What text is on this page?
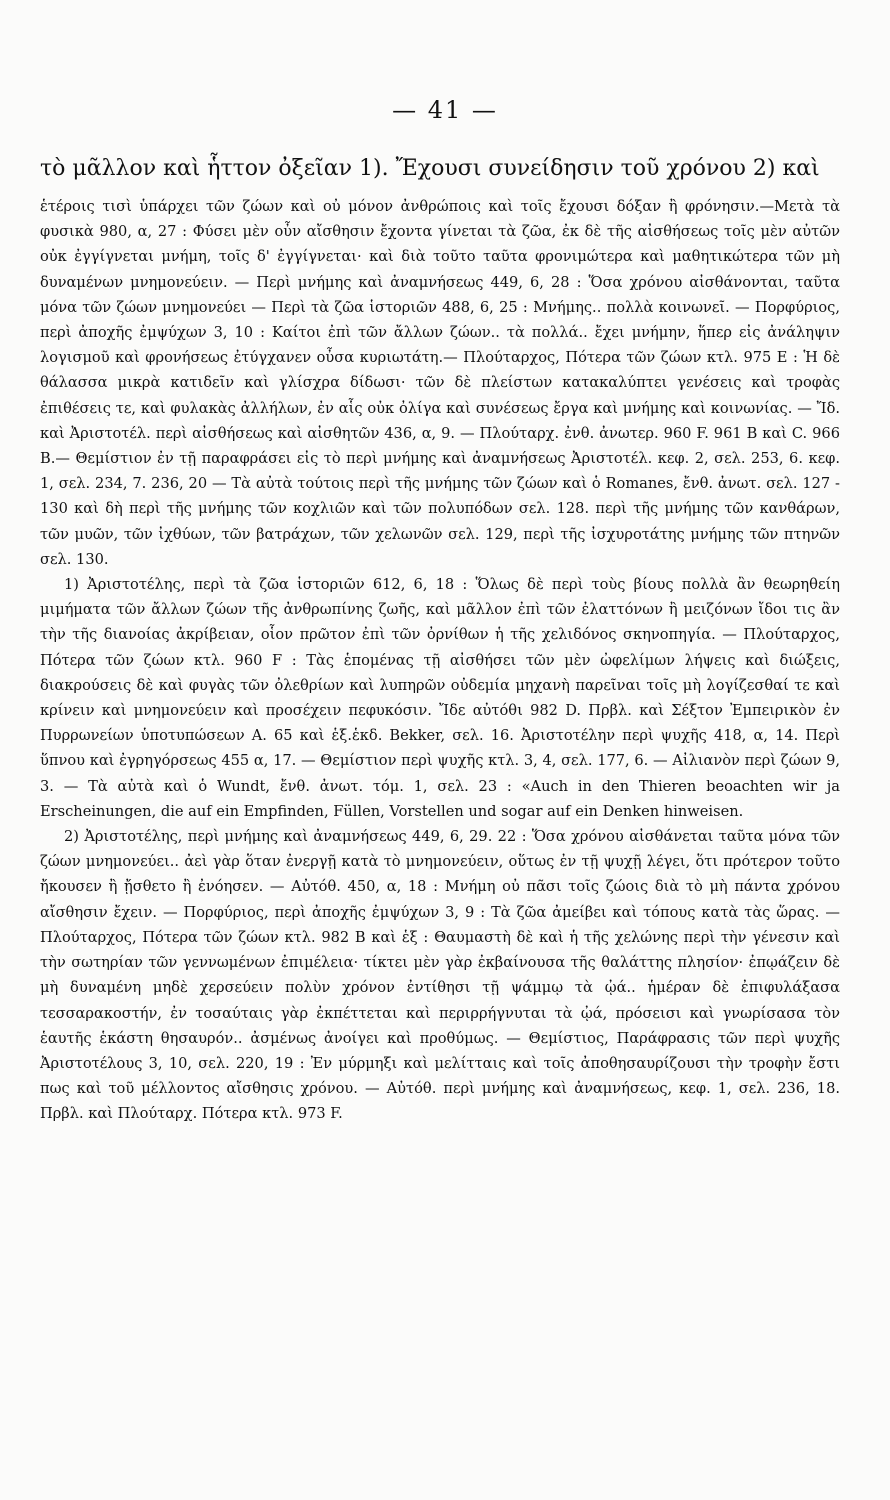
— 41 —

τὸ μᾶλλον καὶ ἧττον ὀξεῖαν 1). Ἔχουσι συνείδησιν τοῦ χρόνου 2) καὶ

ἑτέροις τισὶ ὑπάρχει τῶν ζώων καὶ οὐ μόνον ἀνθρώποις καὶ τοῖς ἔχουσι δόξαν ἢ φρόνησιν.—Μετὰ τὰ φυσικὰ 980, α, 27 : Φύσει μὲν οὖν αἴσθησιν ἔχοντα γίνεται τὰ ζῶα, ἐκ δὲ τῆς αἰσθήσεως τοῖς μὲν αὐτῶν οὐκ ἐγγίγνεται μνήμη, τοῖς δ' ἐγγίγνεται· καὶ διὰ τοῦτο ταῦτα φρονιμώτερα καὶ μαθητικώτερα τῶν μὴ δυναμένων μνημονεύειν. — Περὶ μνήμης καὶ ἀναμνήσεως 449, 6, 28 : Ὅσα χρόνου αἰσθάνονται, ταῦτα μόνα τῶν ζώων μνημονεύει — Περὶ τὰ ζῶα ἱστοριῶν 488, 6, 25 : Μνήμης.. πολλὰ κοινωνεῖ. — Πορφύριος, περὶ ἀποχῆς ἐμψύχων 3, 10 : Καίτοι ἐπὶ τῶν ἄλλων ζώων.. τὰ πολλά.. ἔχει μνήμην, ἥπερ εἰς ἀνάληψιν λογισμοῦ καὶ φρονήσεως ἐτύγχανεν οὖσα κυριωτάτη.— Πλούταρχος, Πότερα τῶν ζώων κτλ. 975 Ε : Ἡ δὲ θάλασσα μικρὰ κατιδεῖν καὶ γλίσχρα δίδωσι· τῶν δὲ πλείστων κατακαλύπτει γενέσεις καὶ τροφὰς ἐπιθέσεις τε, καὶ φυλακὰς ἀλλήλων, ἐν αἷς οὐκ ὀλίγα καὶ συνέσεως ἔργα καὶ μνήμης καὶ κοινωνίας. — Ἴδ. καὶ Ἀριστοτέλ. περὶ αἰσθήσεως καὶ αἰσθητῶν 436, α, 9. — Πλούταρχ. ἐνθ. ἀνωτερ. 960 F. 961 B καὶ C. 966 B.— Θεμίστιον ἐν τῇ παραφράσει εἰς τὸ περὶ μνήμης καὶ ἀναμνήσεως Ἀριστοτέλ. κεφ. 2, σελ. 253, 6. κεφ. 1, σελ. 234, 7. 236, 20 — Τὰ αὐτὰ τούτοις περὶ τῆς μνήμης τῶν ζώων καὶ ὁ Romanes, ἔνθ. ἀνωτ. σελ. 127 - 130 καὶ δὴ περὶ τῆς μνήμης τῶν κοχλιῶν καὶ τῶν πολυπόδων σελ. 128. περὶ τῆς μνήμης τῶν κανθάρων, τῶν μυῶν, τῶν ἰχθύων, τῶν βατράχων, τῶν χελωνῶν σελ. 129, περὶ τῆς ἰσχυροτάτης μνήμης τῶν πτηνῶν σελ. 130.

1) Ἀριστοτέλης, περὶ τὰ ζῶα ἱστοριῶν 612, 6, 18 : Ὅλως δὲ περὶ τοὺς βίους πολλὰ ἂν θεωρηθείη μιμήματα τῶν ἄλλων ζώων τῆς ἀνθρωπίνης ζωῆς, καὶ μᾶλλον ἐπὶ τῶν ἐλαττόνων ἢ μειζόνων ἴδοι τις ἂν τὴν τῆς διανοίας ἀκρίβειαν, οἷον πρῶτον ἐπὶ τῶν ὀρνίθων ἡ τῆς χελιδόνος σκηνοπηγία. — Πλούταρχος, Πότερα τῶν ζώων κτλ. 960 F : Τὰς ἑπομένας τῇ αἰσθήσει τῶν μὲν ὠφελίμων λήψεις καὶ διώξεις, διακρούσεις δὲ καὶ φυγὰς τῶν ὀλεθρίων καὶ λυπηρῶν οὐδεμία μηχανὴ παρεῖναι τοῖς μὴ λογίζεσθαί τε καὶ κρίνειν καὶ μνημονεύειν καὶ προσέχειν πεφυκόσιν. Ἴδε αὐτόθι 982 D. Πρβλ. καὶ Σέξτον Ἐμπειρικὸν ἐν Πυρρωνείων ὑποτυπώσεων Α. 65 καὶ ἑξ.ἑκδ. Bekker, σελ. 16. Ἀριστοτέλην περὶ ψυχῆς 418, α, 14. Περὶ ὕπνου καὶ ἐγρηγόρσεως 455 α, 17. — Θεμίστιον περὶ ψυχῆς κτλ. 3, 4, σελ. 177, 6. — Αἰλιανὸν περὶ ζώων 9, 3. — Τὰ αὐτὰ καὶ ὁ Wundt, ἔνθ. ἀνωτ. τόμ. 1, σελ. 23 : «Auch in den Thieren beoachten wir ja Erscheinungen, die auf ein Empfinden, Füllen, Vorstellen und sogar auf ein Denken hinweisen.

2) Ἀριστοτέλης, περὶ μνήμης καὶ ἀναμνήσεως 449, 6, 29. 22 : Ὅσα χρόνου αἰσθάνεται ταῦτα μόνα τῶν ζώων μνημονεύει.. ἀεὶ γὰρ ὅταν ἐνεργῇ κατὰ τὸ μνημονεύειν, οὕτως ἐν τῇ ψυχῇ λέγει, ὅτι πρότερον τοῦτο ἤκουσεν ἢ ᾔσθετο ἢ ἐνόησεν. — Αὐτόθ. 450, α, 18 : Μνήμη οὐ πᾶσι τοῖς ζώοις διὰ τὸ μὴ πάντα χρόνου αἴσθησιν ἔχειν. — Πορφύριος, περὶ ἀποχῆς ἐμψύχων 3, 9 : Τὰ ζῶα ἀμείβει καὶ τόπους κατὰ τὰς ὥρας. — Πλούταρχος, Πότερα τῶν ζώων κτλ. 982 B καὶ ἑξ : Θαυμαστὴ δὲ καὶ ἡ τῆς χελώνης περὶ τὴν γένεσιν καὶ τὴν σωτηρίαν τῶν γεννωμένων ἐπιμέλεια· τίκτει μὲν γὰρ ἐκβαίνουσα τῆς θαλάττης πλησίον· ἐπῳάζειν δὲ μὴ δυναμένη μηδὲ χερσεύειν πολὺν χρόνον ἐντίθησι τῇ ψάμμῳ τὰ ᾠά.. ἡμέραν δὲ ἐπιφυλάξασα τεσσαρακοστήν, ἐν τοσαύταις γὰρ ἐκπέττεται καὶ περιρρήγνυται τὰ ᾠά, πρόσεισι καὶ γνωρίσασα τὸν ἑαυτῆς ἑκάστη θησαυρόν.. ἀσμένως ἀνοίγει καὶ προθύμως. — Θεμίστιος, Παράφρασις τῶν περὶ ψυχῆς Ἀριστοτέλους 3, 10, σελ. 220, 19 : Ἐν μύρμηξι καὶ μελίτταις καὶ τοῖς ἀποθησαυρίζουσι τὴν τροφὴν ἔστι πως καὶ τοῦ μέλλοντος αἴσθησις χρόνου. — Αὐτόθ. περὶ μνήμης καὶ ἀναμνήσεως, κεφ. 1, σελ. 236, 18. Πρβλ. καὶ Πλούταρχ. Πότερα κτλ. 973 F.
